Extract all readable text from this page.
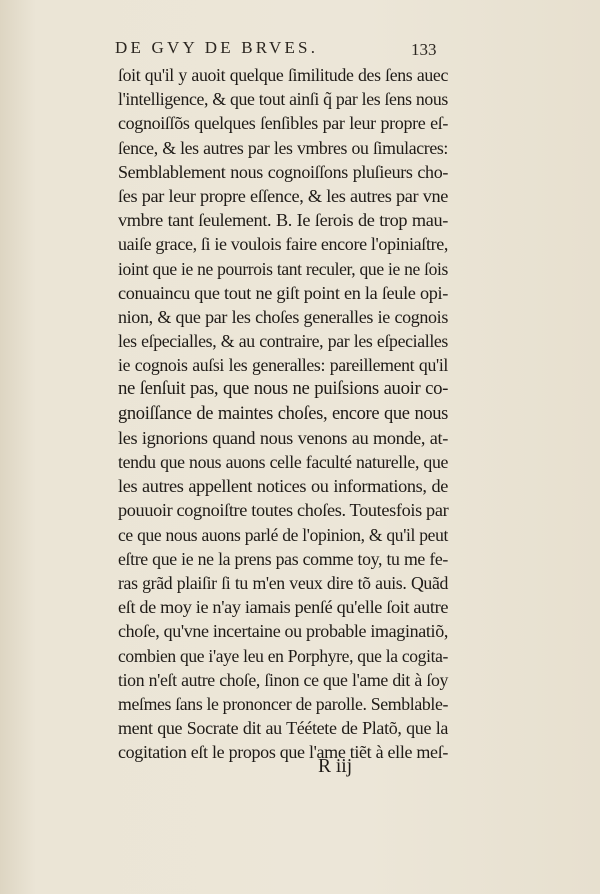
DE GVY DE BRVES.	133
ſoit qu'il y auoit quelque ſimilitude des ſens auec
l'intelligence, & que tout ainſi q̃ par les ſens nous
cognoiſſõs quelques ſenſibles par leur propre eſ-
ſence, & les autres par les vmbres ou ſimulacres:
Semblablement nous cognoiſſons pluſieurs cho-
ſes par leur propre eſſence, & les autres par vne
vmbre tant ſeulement. B. Ie ſerois de trop mau-
uaiſe grace, ſi ie voulois faire encore l'opiniaſtre,
ioint que ie ne pourrois tant reculer, que ie ne ſois
conuaincu que tout ne giſt point en la ſeule opi-
nion, & que par les choſes generalles ie cognois
les eſpecialles, & au contraire, par les eſpecialles
ie cognois auſsi les generalles: pareillement qu'il
ne ſenſuit pas, que nous ne puiſsions auoir co-
gnoiſſance de maintes choſes, encore que nous
les ignorions quand nous venons au monde, at-
tendu que nous auons celle faculté naturelle, que
les autres appellent notices ou informations, de
pouuoir cognoiſtre toutes choſes. Toutesfois par
ce que nous auons parlé de l'opinion, & qu'il peut
eſtre que ie ne la prens pas comme toy, tu me fe-
ras grãd plaiſir ſi tu m'en veux dire tõ auis. Quãd
eſt de moy ie n'ay iamais penſé qu'elle ſoit autre
choſe, qu'vne incertaine ou probable imaginatiõ,
combien que i'aye leu en Porphyre, que la cogita-
tion n'eſt autre choſe, ſinon ce que l'ame dit à ſoy
meſmes ſans le prononcer de parolle. Semblable-
ment que Socrate dit au Téétete de Platõ, que la
cogitation eſt le propos que l'ame tiẽt à elle meſ-
R iij
